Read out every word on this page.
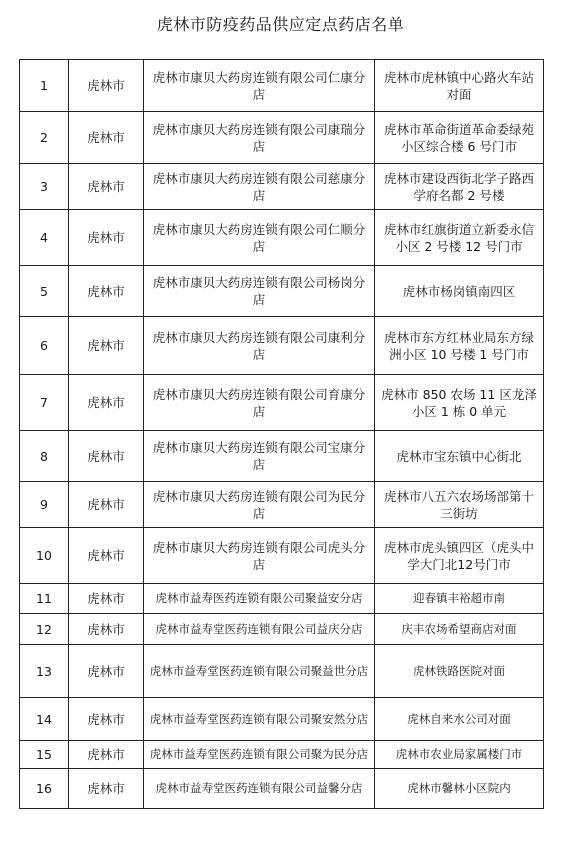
虎林市防疫药品供应定点药店名单
1	虎林市	虎林市康贝大药房连锁有限公司仁康分店	虎林市虎林镇中心路火车站对面
2	虎林市	虎林市康贝大药房连锁有限公司康瑞分店	虎林市革命街道革命委绿苑小区综合楼 6 号门市
3	虎林市	虎林市康贝大药房连锁有限公司慈康分店	虎林市建设西街北学子路西学府名都 2 号楼
4	虎林市	虎林市康贝大药房连锁有限公司仁顺分店	虎林市红旗街道立新委永信小区 2 号楼 12 号门市
5	虎林市	虎林市康贝大药房连锁有限公司杨岗分店	虎林市杨岗镇南四区
6	虎林市	虎林市康贝大药房连锁有限公司康利分店	虎林市东方红林业局东方绿洲小区 10 号楼 1 号门市
7	虎林市	虎林市康贝大药房连锁有限公司育康分店	虎林市 850 农场 11 区龙泽小区 1 栋 0 单元
8	虎林市	虎林市康贝大药房连锁有限公司宝康分店	虎林市宝东镇中心街北
9	虎林市	虎林市康贝大药房连锁有限公司为民分店	虎林市八五六农场场部第十三街坊
10	虎林市	虎林市康贝大药房连锁有限公司虎头分店	虎林市虎头镇四区（虎头中学大门北12号门市
11	虎林市	虎林市益寿医药连锁有限公司聚益安分店	迎春镇丰裕超市南
12	虎林市	虎林市益寿堂医药连锁有限公司益庆分店	庆丰农场希望商店对面
13	虎林市	虎林市益寿堂医药连锁有限公司聚益世分店	虎林铁路医院对面
14	虎林市	虎林市益寿堂医药连锁有限公司聚安然分店	虎林自来水公司对面
15	虎林市	虎林市益寿堂医药连锁有限公司聚为民分店	虎林市农业局家属楼门市
16	虎林市	虎林市益寿堂医药连锁有限公司益馨分店	虎林市馨林小区院内
